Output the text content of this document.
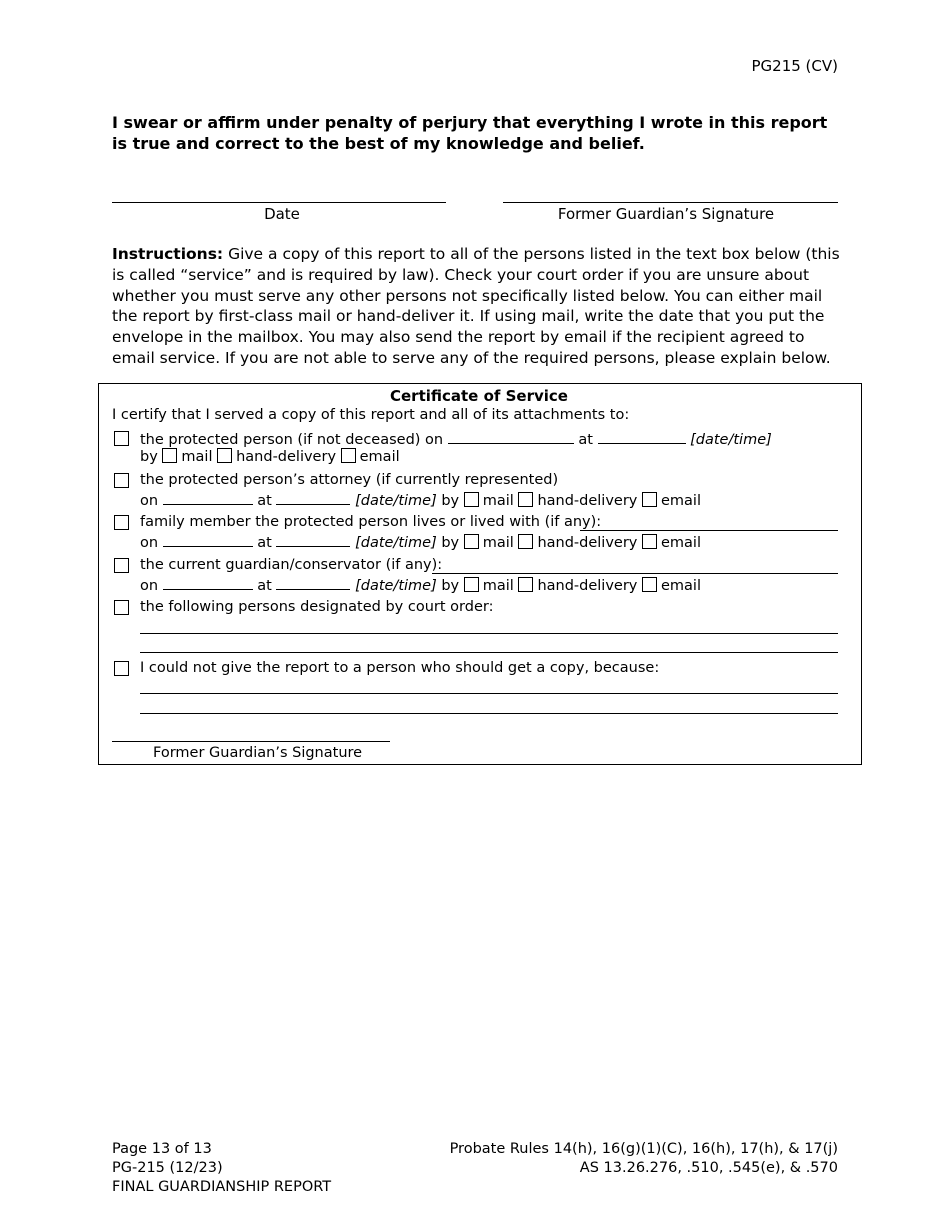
PG215 (CV)
I swear or affirm under penalty of perjury that everything I wrote in this report is true and correct to the best of my knowledge and belief.
Date	Former Guardian’s Signature
Instructions: Give a copy of this report to all of the persons listed in the text box below (this is called “service” and is required by law). Check your court order if you are unsure about whether you must serve any other persons not specifically listed below. You can either mail the report by first-class mail or hand-deliver it. If using mail, write the date that you put the envelope in the mailbox. You may also send the report by email if the recipient agreed to email service. If you are not able to serve any of the required persons, please explain below.
Certificate of Service
I certify that I served a copy of this report and all of its attachments to:
the protected person (if not deceased) on	at	[date/time]
by mail hand-delivery email
the protected person’s attorney (if currently represented)
on	at	[date/time] by mail hand-delivery email
family member the protected person lives or lived with (if any):
on	at	[date/time] by mail hand-delivery email
the current guardian/conservator (if any):
on	at	[date/time] by mail hand-delivery email
the following persons designated by court order:
I could not give the report to a person who should get a copy, because:
Former Guardian’s Signature
Page 13 of 13
PG-215 (12/23)
FINAL GUARDIANSHIP REPORT
Probate Rules 14(h), 16(g)(1)(C), 16(h), 17(h), & 17(j)
AS 13.26.276, .510, .545(e), & .570
